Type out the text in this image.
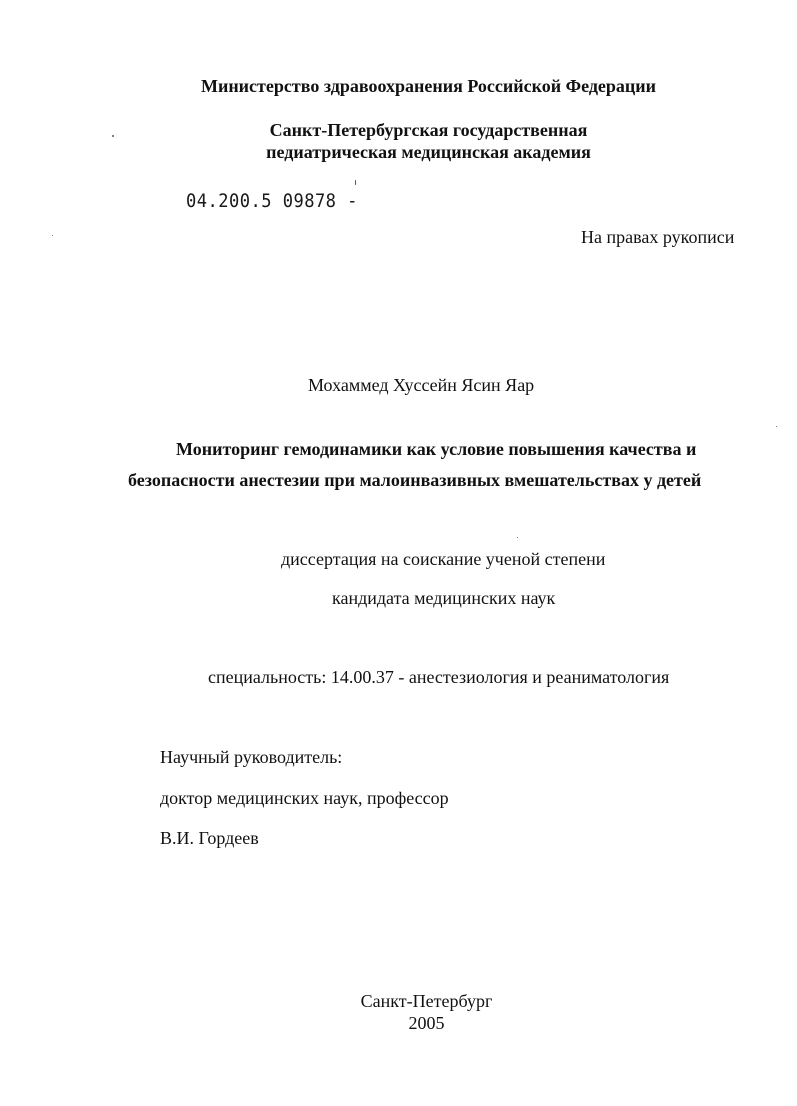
Министерство здравоохранения Российской Федерации
Санкт-Петербургская государственная
педиатрическая медицинская академия
04.200.5 09878 -
На правах рукописи
Мохаммед Хуссейн Ясин Яар
Мониторинг гемодинамики как условие повышения качества и
безопасности анестезии при малоинвазивных вмешательствах у детей
диссертация на соискание ученой степени
кандидата медицинских наук
специальность: 14.00.37 - анестезиология и реаниматология
Научный руководитель:
доктор медицинских наук, профессор
В.И. Гордеев
Санкт-Петербург
2005
